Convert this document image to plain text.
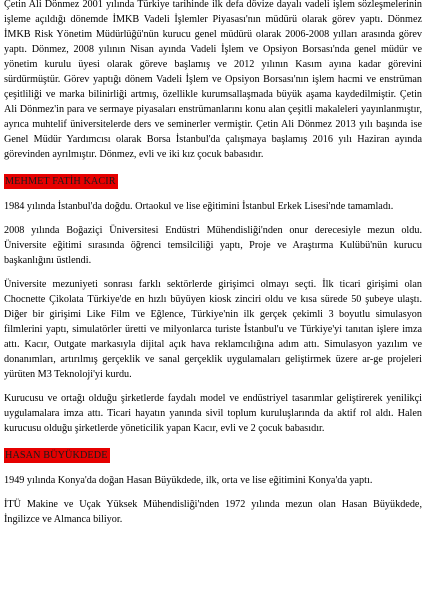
Çetin Ali Dönmez 2001 yılında Türkiye tarihinde ilk defa dövize dayalı vadeli işlem sözleşmelerinin işleme açıldığı dönemde İMKB Vadeli İşlemler Piyasası'nın müdürü olarak görev yaptı. Dönmez İMKB Risk Yönetim Müdürlüğü'nün kurucu genel müdürü olarak 2006-2008 yılları arasında görev yaptı. Dönmez, 2008 yılının Nisan ayında Vadeli İşlem ve Opsiyon Borsası'nda genel müdür ve yönetim kurulu üyesi olarak göreve başlamış ve 2012 yılının Kasım ayına kadar görevini sürdürmüştür. Görev yaptığı dönem Vadeli İşlem ve Opsiyon Borsası'nın işlem hacmi ve enstrüman çeşitliliği ve marka bilinirliği artmış, özellikle kurumsallaşmada büyük aşama kaydedilmiştir. Çetin Ali Dönmez'in para ve sermaye piyasaları enstrümanlarını konu alan çeşitli makaleleri yayınlanmıştır, ayrıca muhtelif üniversitelerde ders ve seminerler vermiştir. Çetin Ali Dönmez 2013 yılı başında ise Genel Müdür Yardımcısı olarak Borsa İstanbul'da çalışmaya başlamış 2016 yılı Haziran ayında görevinden ayrılmıştır. Dönmez, evli ve iki kız çocuk babasıdır.

MEHMET FATİH KACIR

1984 yılında İstanbul'da doğdu. Ortaokul ve lise eğitimini İstanbul Erkek Lisesi'nde tamamladı.

2008 yılında Boğaziçi Üniversitesi Endüstri Mühendisliği'nden onur derecesiyle mezun oldu. Üniversite eğitimi sırasında öğrenci temsilciliği yaptı, Proje ve Araştırma Kulübü'nün kurucu başkanlığını üstlendi.

Üniversite mezuniyeti sonrası farklı sektörlerde girişimci olmayı seçti. İlk ticari girişimi olan Chocnette Çikolata Türkiye'de en hızlı büyüyen kiosk zinciri oldu ve kısa sürede 50 şubeye ulaştı. Diğer bir girişimi Like Film ve Eğlence, Türkiye'nin ilk gerçek çekimli 3 boyutlu simulasyon filmlerini yaptı, simulatörler üretti ve milyonlarca turiste İstanbul'u ve Türkiye'yi tanıtan işlere imza attı. Kacır, Outgate markasıyla dijital açık hava reklamcılığına adım attı. Simulasyon yazılım ve donanımları, artırılmış gerçeklik ve sanal gerçeklik uygulamaları geliştirmek üzere ar-ge projeleri yürüten M3 Teknoloji'yi kurdu.

Kurucusu ve ortağı olduğu şirketlerde faydalı model ve endüstriyel tasarımlar geliştirerek yenilikçi uygulamalara imza attı. Ticari hayatın yanında sivil toplum kuruluşlarında da aktif rol aldı. Halen kurucusu olduğu şirketlerde yöneticilik yapan Kacır, evli ve 2 çocuk babasıdır.

HASAN BÜYÜKDEDE

1949 yılında Konya'da doğan Hasan Büyükdede, ilk, orta ve lise eğitimini Konya'da yaptı.

İTÜ Makine ve Uçak Yüksek Mühendisliği'nden 1972 yılında mezun olan Hasan Büyükdede, İngilizce ve Almanca biliyor.
